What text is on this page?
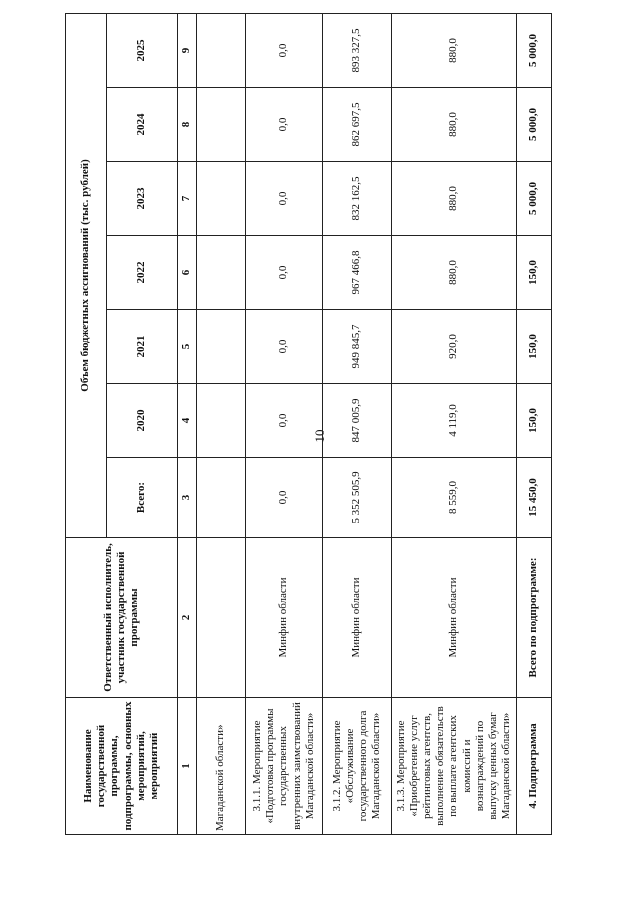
10
Наименование государственной программы, подпрограммы, основных мероприятий, мероприятий	Ответственный исполнитель, участник государственной программы	Объем бюджетных ассигнований (тыс. рублей)						
		Всего:	2020	2021	2022	2023	2024	2025
1	2	3	4	5	6	7	8	9
Магаданской области»								
3.1.1. Мероприятие «Подготовка программы государственных внутренних заимствований Магаданской области»	Минфин области	0,0	0,0	0,0	0,0	0,0	0,0	0,0
3.1.2. Мероприятие «Обслуживание государственного долга Магаданской области»	Минфин области	5 352 505,9	847 005,9	949 845,7	967 466,8	832 162,5	862 697,5	893 327,5
3.1.3. Мероприятие «Приобретение услуг рейтинговых агентств, выполнение обязательств по выплате агентских комиссий и вознаграждений по выпуску ценных бумаг Магаданской области»	Минфин области	8 559,0	4 119,0	920,0	880,0	880,0	880,0	880,0
4. Подпрограмма	Всего по подпрограмме:	15 450,0	150,0	150,0	150,0	5 000,0	5 000,0	5 000,0
